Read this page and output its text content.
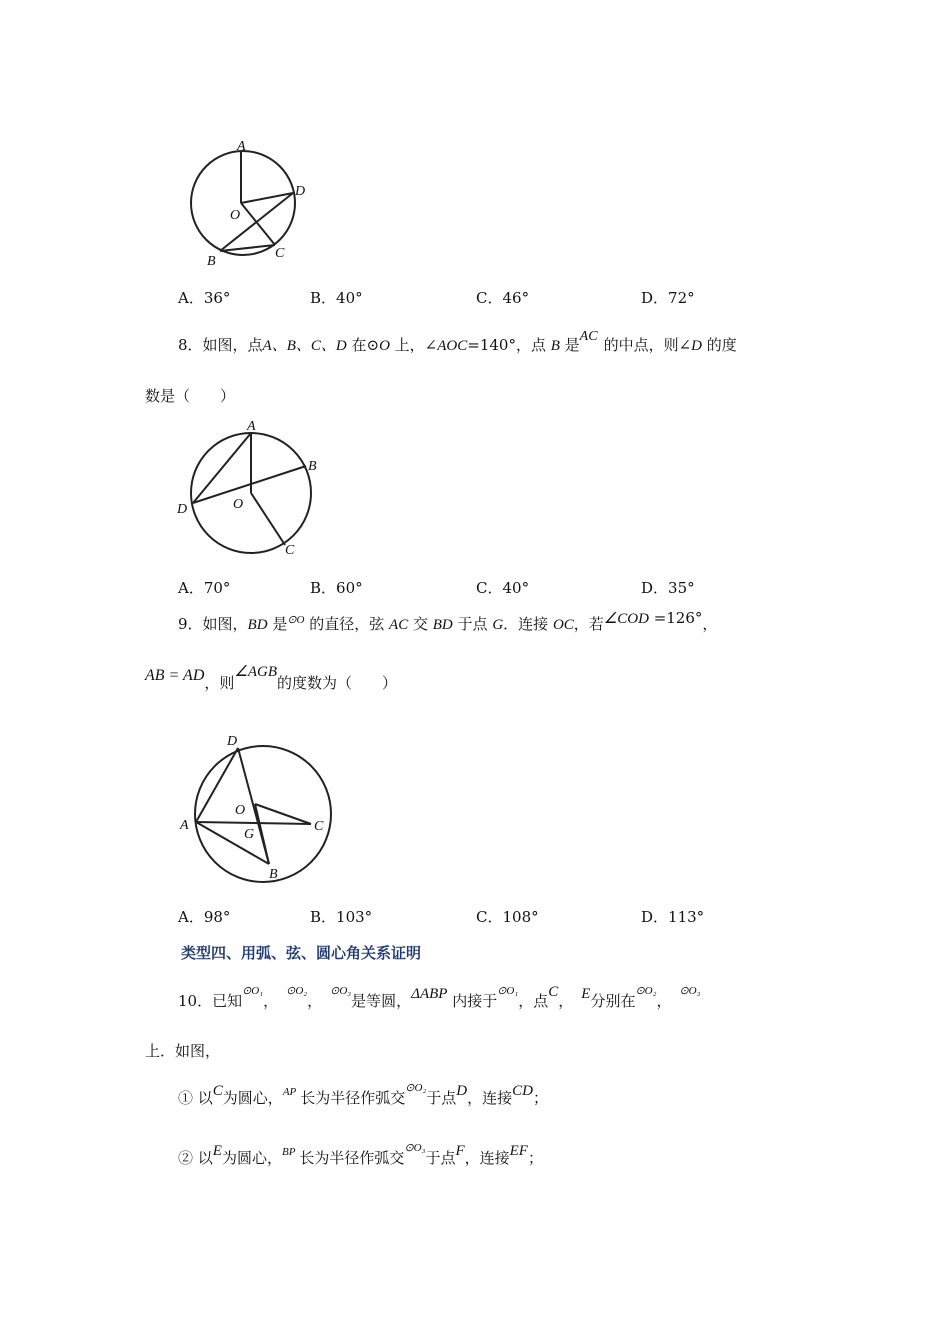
A
D
O
C
B
A．36°	B．40°	C．46°	D．72°
8．如图，点A、B、C、D 在⊙O 上，∠AOC=140°，点 B 是AC 的中点，则∠D 的度
数是（　　）
A
B
O
D
C
A．70°	B．60°	C．40°	D．35°
9．如图，BD 是$^{⊙O}$ 的直径，弦 AC 交 BD 于点 G．连接 OC，若∠COD =126°，
AB = AD，则∠AGB的度数为（　　）
D
O
A
G
C
B
A．98°	B．103°	C．108°	D．113°
类型四、用弧、弦、圆心角关系证明
10．已知$^{⊙O_1}$，$^{⊙O_2}$，$^{⊙O_3}$是等圆，ΔABP 内接于$^{⊙O_1}$，点C， E分别在$^{⊙O_2}$，$^{⊙O_3}$
上．如图，
① 以C为圆心，$^{AP}$ 长为半径作弧交$^{⊙O_2}$于点D，连接CD；
② 以E为圆心，$^{BP}$ 长为半径作弧交$^{⊙O_3}$于点F，连接EF；
